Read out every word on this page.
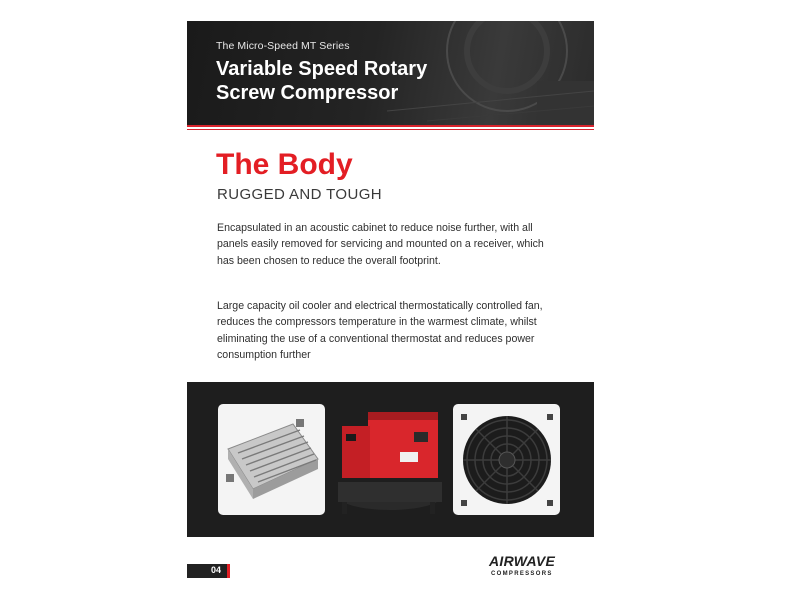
The Micro-Speed MT Series
Variable Speed Rotary
Screw Compressor
The Body
RUGGED AND TOUGH

Encapsulated in an acoustic cabinet to reduce noise further, with all panels easily removed for servicing and mounted on a receiver, which has been chosen to reduce the overall footprint.

Large capacity oil cooler and electrical thermostatically controlled fan, reduces the compressors temperature in the warmest climate, whilst eliminating the use of a conventional thermostat and reduces power consumption further

04
AIRWAVE
COMPRESSORS
